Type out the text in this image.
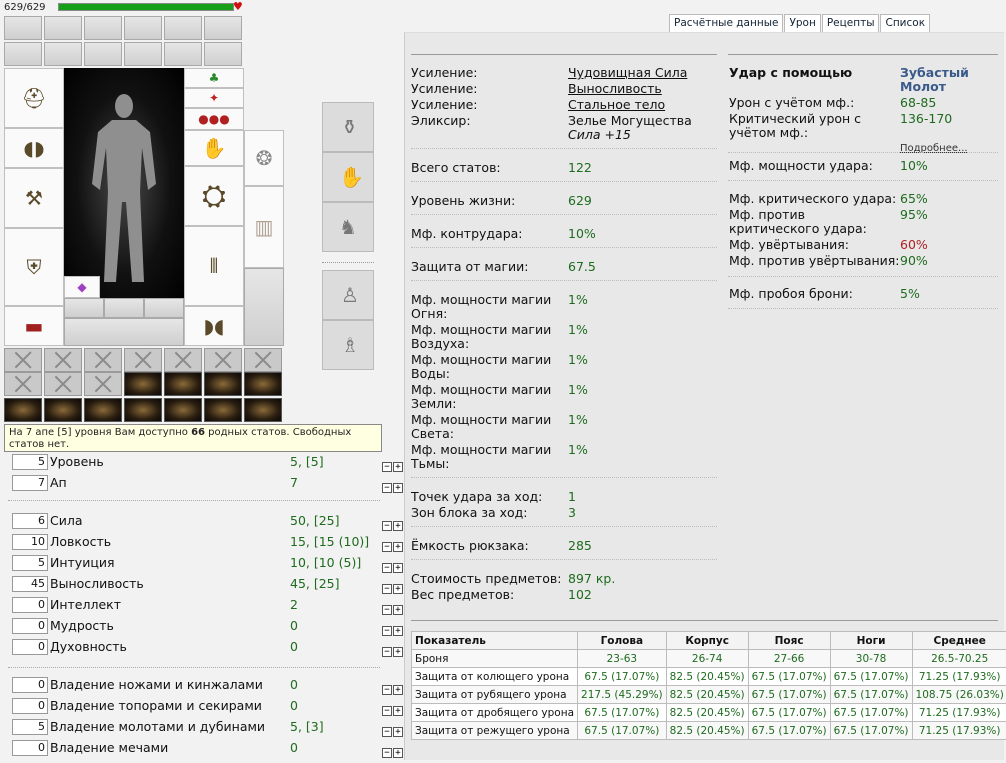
629/629	♥
⛑
◖◗
⚒
⛨
▬
◆
♣
✦
●●●
✋
⛭
⫴
◗◖
❂
▥
⚱
✋
♞
♙
♗
На 7 апе [5] уровня Вам доступно 66 родных статов. Свободных статов нет.
5 Уровень	5, [5]	− +
7 Ап	7	− +
6 Сила	50, [25]	− +
10 Ловкость	15, [15 (10)] − +
5 Интуиция	10, [10 (5)]	− +
45 Выносливость	45, [25]	− +
0 Интеллект	2	− +
0 Мудрость	0	− +
0 Духовность	0	− +
0 Владение ножами и кинжалами 0	− +
0 Владение топорами и секирами 0	− +
5 Владение молотами и дубинами 5, [3]	− +
0 Владение мечами	0	− +
Расчётные данные Урон Рецепты Список
Усиление:	Чудовищная Сила
Усиление:	Выносливость
Усиление:	Стальное тело
Эликсир:	Зелье Могущества
Сила +15
Всего статов:	122
Уровень жизни:	629
Мф. контрудара:	10%
Защита от магии:	67.5
Мф. мощности магии Огня:
1%
Мф. мощности магии Воздуха:
1%
Мф. мощности магии Воды:
1%
Мф. мощности магии Земли:
1%
Мф. мощности магии Света:
1%
Мф. мощности магии Тьмы:
1%
Точек удара за ход: 1
Зон блока за ход:	3
Ёмкость рюкзака:	285
Стоимость предметов: 897 кр.
Вес предметов:	102
Удар с помощью	Зубастый Молот
Урон с учётом мф.:	68-85
Критический урон с учётом мф.:
136-170
Подробнее...
Мф. мощности удара: 10%
Мф. критического удара: 65%
Мф. против критического удара:
95%
Мф. увёртывания:	60%
Мф. против увёртывания: 90%
Мф. пробоя брони:	5%
Показатель	Голова	Корпус	Пояс	Ноги	Среднее
Броня	23-63	26-74	27-66	30-78	26.5-70.25
Защита от колющего урона	67.5 (17.07%)	82.5 (20.45%)	67.5 (17.07%)	67.5 (17.07%)	71.25 (17.93%)
Защита от рубящего урона	217.5 (45.29%)	82.5 (20.45%)	67.5 (17.07%)	67.5 (17.07%)	108.75 (26.03%)
Защита от дробящего урона	67.5 (17.07%)	82.5 (20.45%)	67.5 (17.07%)	67.5 (17.07%)	71.25 (17.93%)
Защита от режущего урона	67.5 (17.07%)	82.5 (20.45%)	67.5 (17.07%)	67.5 (17.07%)	71.25 (17.93%)
